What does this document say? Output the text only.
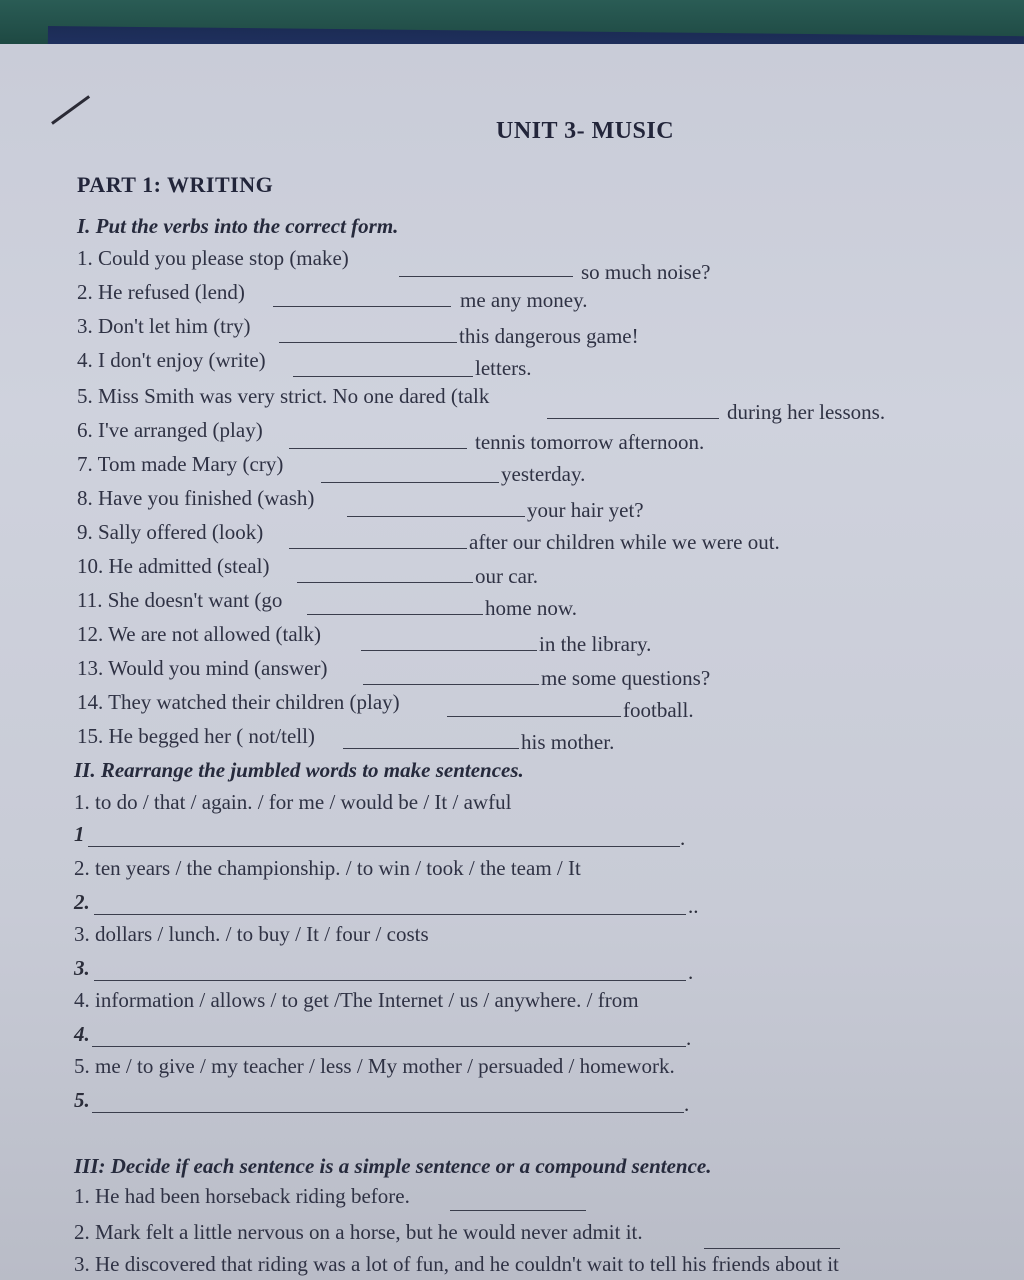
UNIT 3- MUSIC
PART 1: WRITING
I. Put the verbs into the correct form.
1. Could you please stop (make)
so much noise?
2. He refused (lend)	me any money.
3. Don't let him (try)	this dangerous game!
4. I don't enjoy (write)	letters.
5. Miss Smith was very strict. No one dared (talk
during her lessons.
6. I've arranged (play)	tennis tomorrow afternoon.
7. Tom made Mary (cry)	yesterday.
8. Have you finished (wash)	your hair yet?
9. Sally offered (look)	after our children while we were out.
10. He admitted (steal)	our car.
11. She doesn't want (go	home now.
12. We are not allowed (talk)	in the library.
13. Would you mind (answer)	me some questions?
14. They watched their children (play)	football.
15. He begged her ( not/tell)	his mother.
II. Rearrange the jumbled words to make sentences.
1. to do / that / again. / for me / would be / It / awful
1	.
2. ten years / the championship. / to win / took / the team / It
2.	..
3. dollars / lunch. / to buy / It / four / costs
3.	.
4. information / allows / to get /The Internet / us / anywhere. / from
4.	.
5. me / to give / my teacher / less / My mother / persuaded / homework.
5.	.
III: Decide if each sentence is a simple sentence or a compound sentence.
1. He had been horseback riding before.
2. Mark felt a little nervous on a horse, but he would never admit it.
3. He discovered that riding was a lot of fun, and he couldn't wait to tell his friends about it
